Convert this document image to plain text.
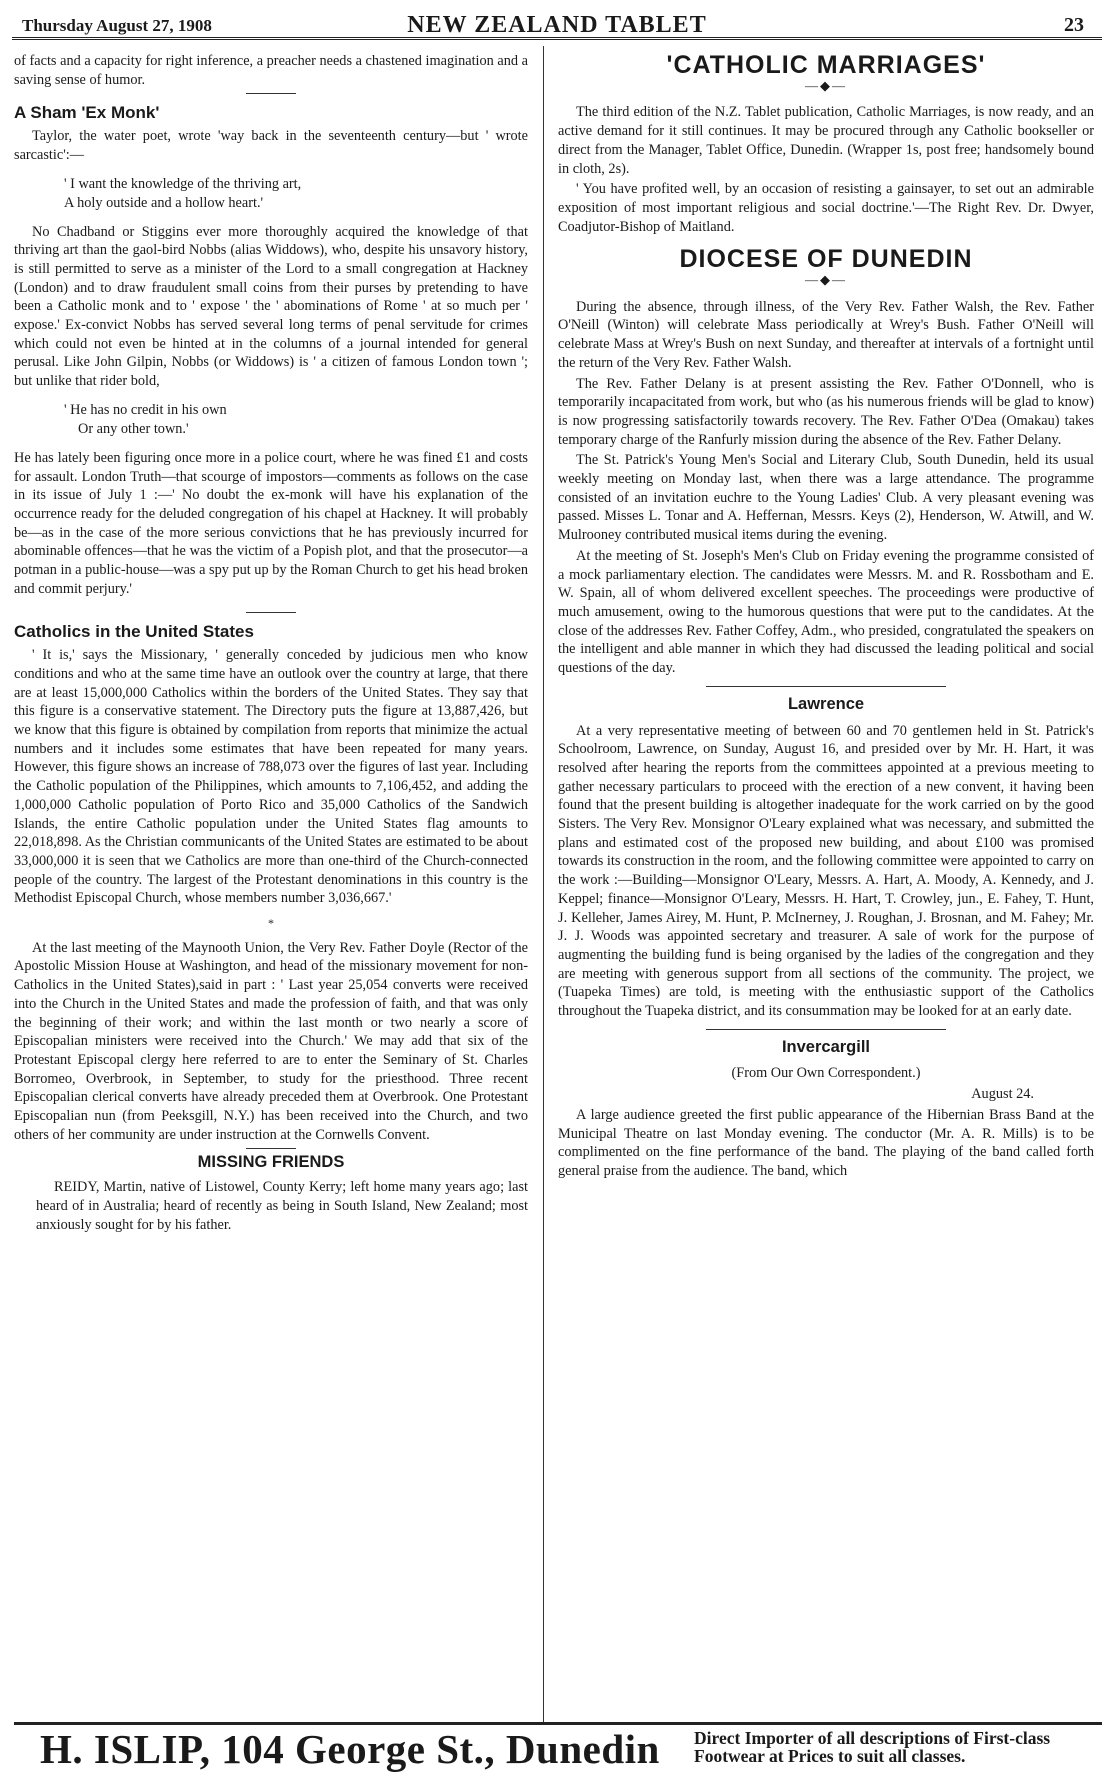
Thursday August 27, 1908	NEW ZEALAND TABLET	23

of facts and a capacity for right inference, a preacher needs a chastened imagination and a saving sense of humor.

A Sham 'Ex Monk'

Taylor, the water poet, wrote 'way back in the seventeenth century—but ' wrote sarcastic':—

' I want the knowledge of the thriving art,
A holy outside and a hollow heart.'

No Chadband or Stiggins ever more thoroughly acquired the knowledge of that thriving art than the gaol-bird Nobbs (alias Widdows), who, despite his unsavory history, is still permitted to serve as a minister of the Lord to a small congregation at Hackney (London) and to draw fraudulent small coins from their purses by pretending to have been a Catholic monk and to ' expose ' the ' abominations of Rome ' at so much per ' expose.' Ex-convict Nobbs has served several long terms of penal servitude for crimes which could not even be hinted at in the columns of a journal intended for general perusal. Like John Gilpin, Nobbs (or Widdows) is ' a citizen of famous London town '; but unlike that rider bold,

' He has no credit in his own
Or any other town.'

He has lately been figuring once more in a police court, where he was fined £1 and costs for assault. London Truth—that scourge of impostors—comments as follows on the case in its issue of July 1 :—' No doubt the ex-monk will have his explanation of the occurrence ready for the deluded congregation of his chapel at Hackney. It will probably be—as in the case of the more serious convictions that he has previously incurred for abominable offences—that he was the victim of a Popish plot, and that the prosecutor—a potman in a public-house—was a spy put up by the Roman Church to get his head broken and commit perjury.'

Catholics in the United States

' It is,' says the Missionary, ' generally conceded by judicious men who know conditions and who at the same time have an outlook over the country at large, that there are at least 15,000,000 Catholics within the borders of the United States. They say that this figure is a conservative statement. The Directory puts the figure at 13,887,426, but we know that this figure is obtained by compilation from reports that minimize the actual numbers and it includes some estimates that have been repeated for many years. However, this figure shows an increase of 788,073 over the figures of last year. Including the Catholic population of the Philippines, which amounts to 7,106,452, and adding the 1,000,000 Catholic population of Porto Rico and 35,000 Catholics of the Sandwich Islands, the entire Catholic population under the United States flag amounts to 22,018,898. As the Christian communicants of the United States are estimated to be about 33,000,000 it is seen that we Catholics are more than one-third of the Church-connected people of the country. The largest of the Protestant denominations in this country is the Methodist Episcopal Church, whose members number 3,036,667.'

*

At the last meeting of the Maynooth Union, the Very Rev. Father Doyle (Rector of the Apostolic Mission House at Washington, and head of the missionary movement for non-Catholics in the United States),said in part : ' Last year 25,054 converts were received into the Church in the United States and made the profession of faith, and that was only the beginning of their work; and within the last month or two nearly a score of Episcopalian ministers were received into the Church.' We may add that six of the Protestant Episcopal clergy here referred to are to enter the Seminary of St. Charles Borromeo, Overbrook, in September, to study for the priesthood. Three recent Episcopalian clerical converts have already preceded them at Overbrook. One Protestant Episcopalian nun (from Peeksgill, N.Y.) has been received into the Church, and two others of her community are under instruction at the Cornwells Convent.

MISSING FRIENDS

REIDY, Martin, native of Listowel, County Kerry; left home many years ago; last heard of in Australia; heard of recently as being in South Island, New Zealand; most anxiously sought for by his father.

'CATHOLIC MARRIAGES'
—◆—

The third edition of the N.Z. Tablet publication, Catholic Marriages, is now ready, and an active demand for it still continues. It may be procured through any Catholic bookseller or direct from the Manager, Tablet Office, Dunedin. (Wrapper 1s, post free; handsomely bound in cloth, 2s).

' You have profited well, by an occasion of resisting a gainsayer, to set out an admirable exposition of most important religious and social doctrine.'—The Right Rev. Dr. Dwyer, Coadjutor-Bishop of Maitland.

DIOCESE OF DUNEDIN
—◆—

During the absence, through illness, of the Very Rev. Father Walsh, the Rev. Father O'Neill (Winton) will celebrate Mass periodically at Wrey's Bush. Father O'Neill will celebrate Mass at Wrey's Bush on next Sunday, and thereafter at intervals of a fortnight until the return of the Very Rev. Father Walsh.

The Rev. Father Delany is at present assisting the Rev. Father O'Donnell, who is temporarily incapacitated from work, but who (as his numerous friends will be glad to know) is now progressing satisfactorily towards recovery. The Rev. Father O'Dea (Omakau) takes temporary charge of the Ranfurly mission during the absence of the Rev. Father Delany.

The St. Patrick's Young Men's Social and Literary Club, South Dunedin, held its usual weekly meeting on Monday last, when there was a large attendance. The programme consisted of an invitation euchre to the Young Ladies' Club. A very pleasant evening was passed. Misses L. Tonar and A. Heffernan, Messrs. Keys (2), Henderson, W. Atwill, and W. Mulrooney contributed musical items during the evening.

At the meeting of St. Joseph's Men's Club on Friday evening the programme consisted of a mock parliamentary election. The candidates were Messrs. M. and R. Rossbotham and E. W. Spain, all of whom delivered excellent speeches. The proceedings were productive of much amusement, owing to the humorous questions that were put to the candidates. At the close of the addresses Rev. Father Coffey, Adm., who presided, congratulated the speakers on the intelligent and able manner in which they had discussed the leading political and social questions of the day.

Lawrence

At a very representative meeting of between 60 and 70 gentlemen held in St. Patrick's Schoolroom, Lawrence, on Sunday, August 16, and presided over by Mr. H. Hart, it was resolved after hearing the reports from the committees appointed at a previous meeting to gather necessary particulars to proceed with the erection of a new convent, it having been found that the present building is altogether inadequate for the work carried on by the good Sisters. The Very Rev. Monsignor O'Leary explained what was necessary, and submitted the plans and estimated cost of the proposed new building, and about £100 was promised towards its construction in the room, and the following committee were appointed to carry on the work :—Building—Monsignor O'Leary, Messrs. A. Hart, A. Moody, A. Kennedy, and J. Keppel; finance—Monsignor O'Leary, Messrs. H. Hart, T. Crowley, jun., E. Fahey, T. Hunt, J. Kelleher, James Airey, M. Hunt, P. McInerney, J. Roughan, J. Brosnan, and M. Fahey; Mr. J. J. Woods was appointed secretary and treasurer. A sale of work for the purpose of augmenting the building fund is being organised by the ladies of the congregation and they are meeting with generous support from all sections of the community. The project, we (Tuapeka Times) are told, is meeting with the enthusiastic support of the Catholics throughout the Tuapeka district, and its consummation may be looked for at an early date.

Invercargill

(From Our Own Correspondent.)

August 24.

A large audience greeted the first public appearance of the Hibernian Brass Band at the Municipal Theatre on last Monday evening. The conductor (Mr. A. R. Mills) is to be complimented on the fine performance of the band. The playing of the band called forth general praise from the audience. The band, which

H. ISLIP, 104 George St., Dunedin Direct Importer of all descriptions of First-class
Footwear at Prices to suit all classes.
